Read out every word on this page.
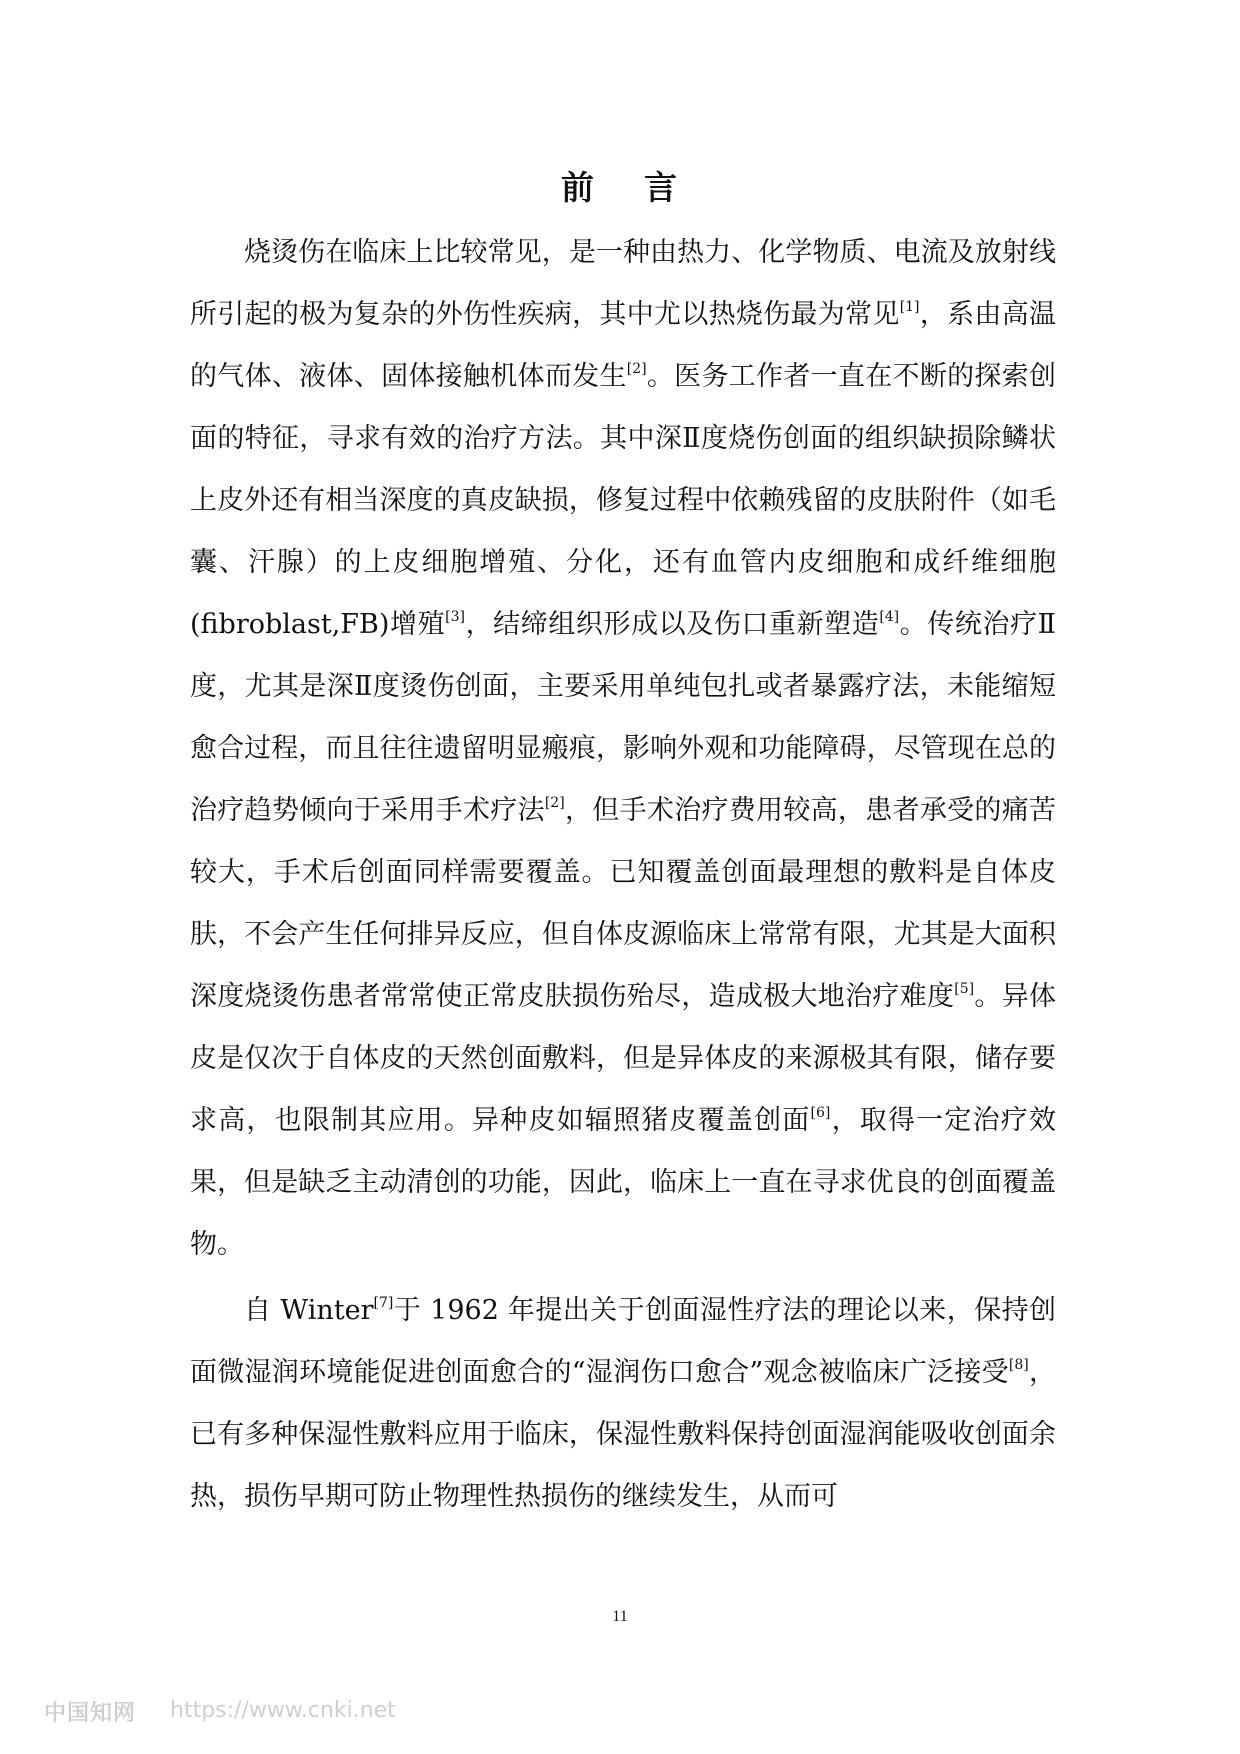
前 言

烧烫伤在临床上比较常见，是一种由热力、化学物质、电流及放射线所引起的极为复杂的外伤性疾病，其中尤以热烧伤最为常见[1]，系由高温的气体、液体、固体接触机体而发生[2]。医务工作者一直在不断的探索创面的特征，寻求有效的治疗方法。其中深Ⅱ度烧伤创面的组织缺损除鳞状上皮外还有相当深度的真皮缺损，修复过程中依赖残留的皮肤附件（如毛囊、汗腺）的上皮细胞增殖、分化，还有血管内皮细胞和成纤维细胞(fibroblast,FB)增殖[3]，结缔组织形成以及伤口重新塑造[4]。传统治疗Ⅱ度，尤其是深Ⅱ度烫伤创面，主要采用单纯包扎或者暴露疗法，未能缩短愈合过程，而且往往遗留明显瘢痕，影响外观和功能障碍，尽管现在总的治疗趋势倾向于采用手术疗法[2]，但手术治疗费用较高，患者承受的痛苦较大，手术后创面同样需要覆盖。已知覆盖创面最理想的敷料是自体皮肤，不会产生任何排异反应，但自体皮源临床上常常有限，尤其是大面积深度烧烫伤患者常常使正常皮肤损伤殆尽，造成极大地治疗难度[5]。异体皮是仅次于自体皮的天然创面敷料，但是异体皮的来源极其有限，储存要求高，也限制其应用。异种皮如辐照猪皮覆盖创面[6]，取得一定治疗效果，但是缺乏主动清创的功能，因此，临床上一直在寻求优良的创面覆盖物。

自 Winter[7]于 1962 年提出关于创面湿性疗法的理论以来，保持创面微湿润环境能促进创面愈合的“湿润伤口愈合”观念被临床广泛接受[8]，已有多种保湿性敷料应用于临床，保湿性敷料保持创面湿润能吸收创面余热，损伤早期可防止物理性热损伤的继续发生，从而可

11
中国知网 https://www.cnki.net
